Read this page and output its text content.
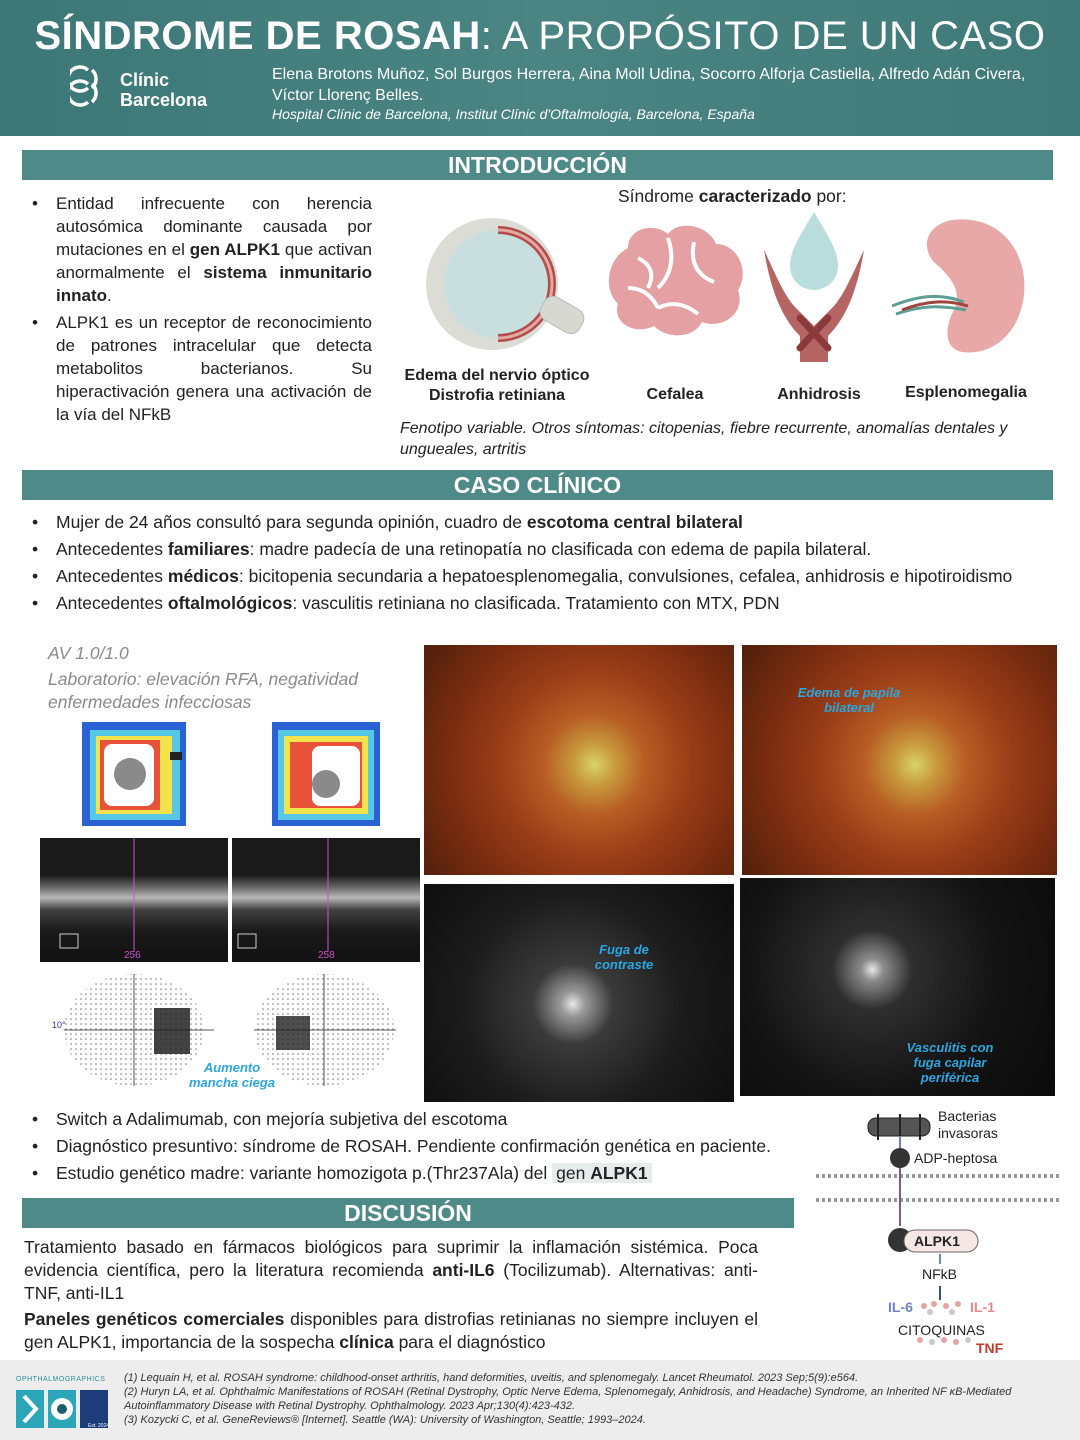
SÍNDROME DE ROSAH: A PROPÓSITO DE UN CASO
Clínic
Barcelona
Elena Brotons Muñoz, Sol Burgos Herrera, Aina Moll Udina, Socorro Alforja Castiella, Alfredo Adán Civera, Víctor Llorenç Belles.
Hospital Clínic de Barcelona, Institut Clínic d'Oftalmologia, Barcelona, España
INTRODUCCIÓN
• Entidad infrecuente con herencia autosómica dominante causada por mutaciones en el gen ALPK1 que activan anormalmente el sistema inmunitario innato.
• ALPK1 es un receptor de reconocimiento de patrones intracelular que detecta metabolitos bacterianos. Su hiperactivación genera una activación de la vía del NFkB
Síndrome caracterizado por:
Edema del nervio óptico
Distrofia retiniana	Cefalea	Anhidrosis	Esplenomegalia
Fenotipo variable. Otros síntomas: citopenias, fiebre recurrente, anomalías dentales y ungueales, artritis
CASO CLÍNICO
• Mujer de 24 años consultó para segunda opinión, cuadro de escotoma central bilateral
• Antecedentes familiares: madre padecía de una retinopatía no clasificada con edema de papila bilateral.
• Antecedentes médicos: bicitopenia secundaria a hepatoesplenomegalia, convulsiones, cefalea, anhidrosis e hipotiroidismo
• Antecedentes oftalmológicos: vasculitis retiniana no clasificada. Tratamiento con MTX, PDN
AV 1.0/1.0
Laboratorio: elevación RFA, negatividad enfermedades infecciosas
256	258
10°
Aumento mancha ciega
Edema de papila bilateral
Fuga de contraste
Vasculitis con fuga capilar periférica
• Switch a Adalimumab, con mejoría subjetiva del escotoma
• Diagnóstico presuntivo: síndrome de ROSAH. Pendiente confirmación genética en paciente.
• Estudio genético madre: variante homozigota p.(Thr237Ala) del gen ALPK1
Bacterias invasoras
ADP-heptosa
ALPK1
NFkB
IL-6	IL-1
CITOQUINAS
TNF
DISCUSIÓN
Tratamiento basado en fármacos biológicos para suprimir la inflamación sistémica. Poca evidencia científica, pero la literatura recomienda anti-IL6 (Tocilizumab). Alternativas: anti-TNF, anti-IL1
Paneles genéticos comerciales disponibles para distrofias retinianas no siempre incluyen el gen ALPK1, importancia de la sospecha clínica para el diagnóstico
OPHTHALMOGRAPHICS
Est. 2024
(1) Lequain H, et al. ROSAH syndrome: childhood-onset arthritis, hand deformities, uveitis, and splenomegaly. Lancet Rheumatol. 2023 Sep;5(9):e564.
(2) Huryn LA, et al. Ophthalmic Manifestations of ROSAH (Retinal Dystrophy, Optic Nerve Edema, Splenomegaly, Anhidrosis, and Headache) Syndrome, an Inherited NF κB-Mediated Autoinflammatory Disease with Retinal Dystrophy. Ophthalmology. 2023 Apr;130(4):423-432.
(3) Kozycki C, et al. GeneReviews® [Internet]. Seattle (WA): University of Washington, Seattle; 1993–2024.
